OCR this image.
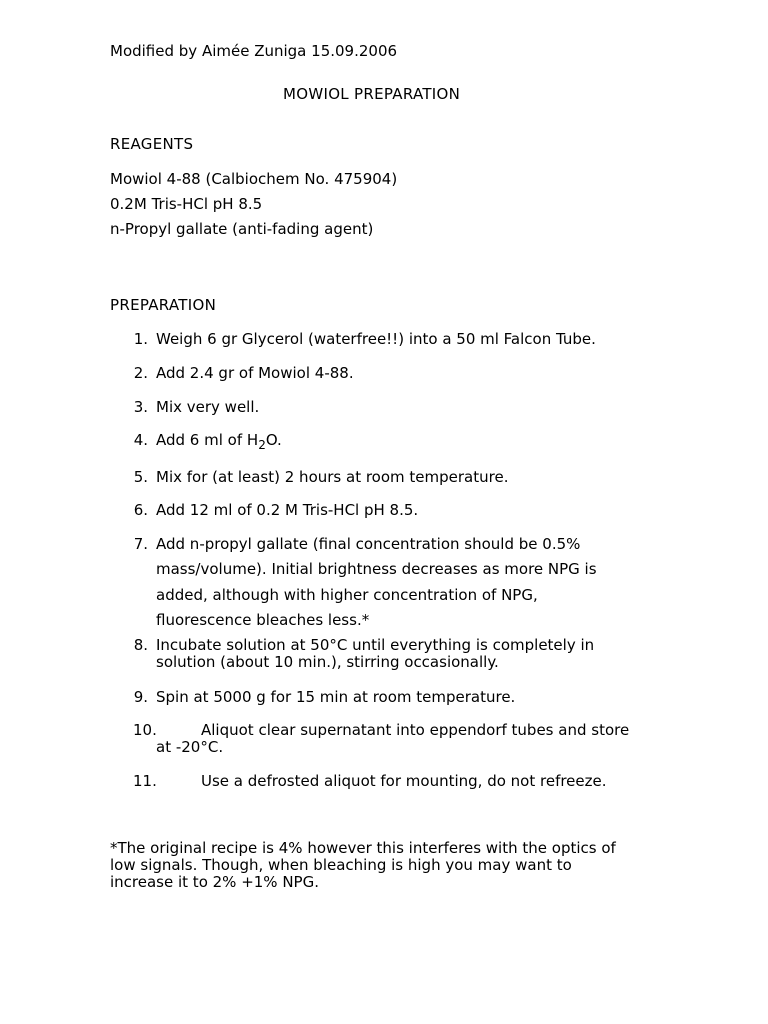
Modified by Aimée Zuniga 15.09.2006
MOWIOL PREPARATION
REAGENTS
Mowiol 4-88 (Calbiochem No. 475904)
0.2M Tris-HCl pH 8.5
n-Propyl gallate (anti-fading agent)
PREPARATION
1. Weigh 6 gr Glycerol (waterfree!!) into a 50 ml Falcon Tube.
2. Add 2.4 gr of Mowiol 4-88.
3. Mix very well.
4. Add 6 ml of $H_2O$.
5. Mix for (at least) 2 hours at room temperature.
6. Add 12 ml of 0.2 M Tris-HCl pH 8.5.
7. Add n-propyl gallate (final concentration should be 0.5%
mass/volume). Initial brightness decreases as more NPG is
added, although with higher concentration of NPG,
fluorescence bleaches less.*
8. Incubate solution at 50°C until everything is completely in
solution (about 10 min.), stirring occasionally.
9. Spin at 5000 g for 15 min at room temperature.
10.	Aliquot clear supernatant into eppendorf tubes and store
at -20°C.
11.	Use a defrosted aliquot for mounting, do not refreeze.
*The original recipe is 4% however this interferes with the optics of
low signals. Though, when bleaching is high you may want to
increase it to 2% +1% NPG.
